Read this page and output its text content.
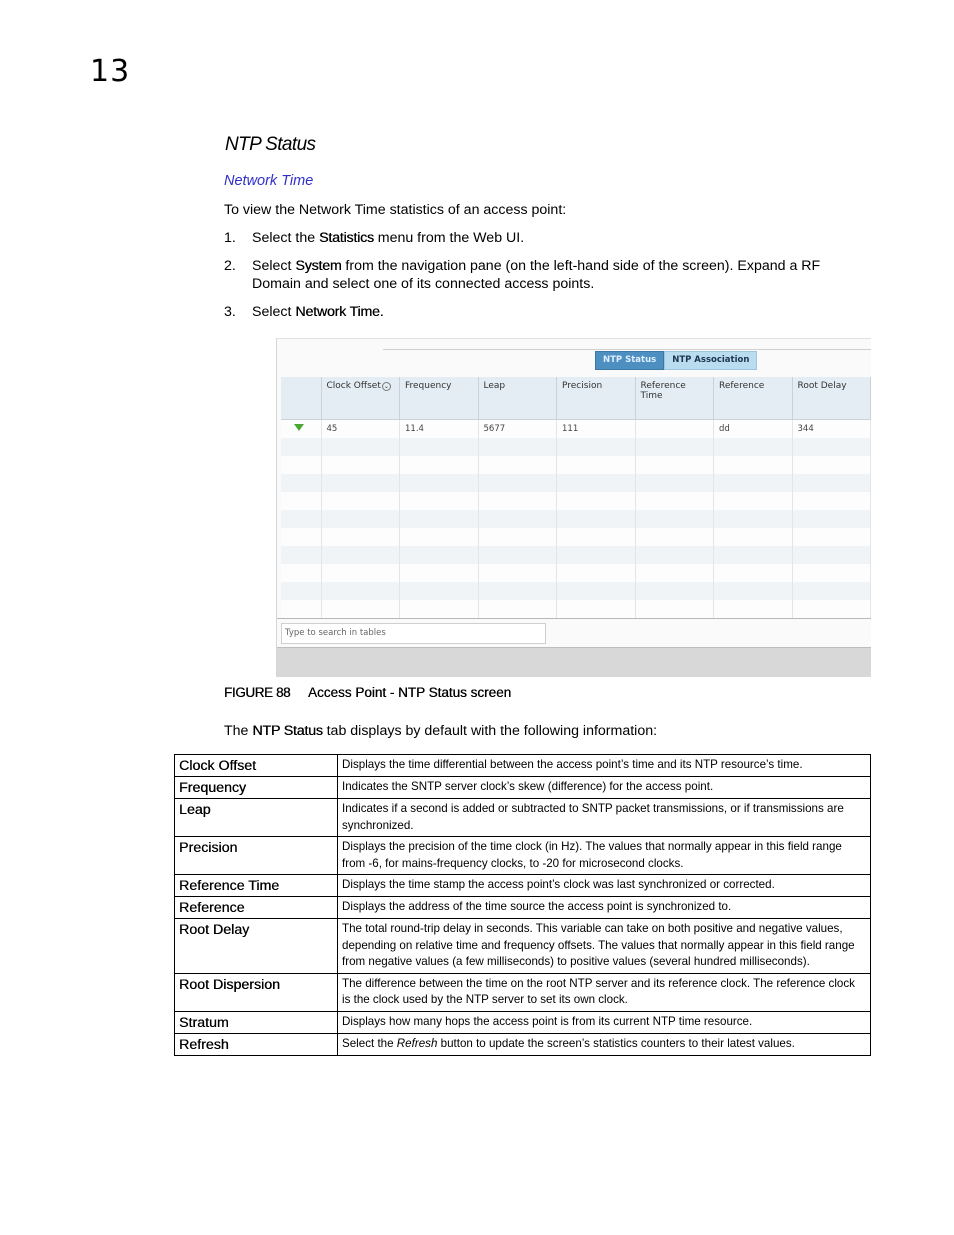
13
NTP Status
Network Time
To view the Network Time statistics of an access point:
1. Select the Statistics menu from the Web UI.
2. Select System from the navigation pane (on the left-hand side of the screen). Expand a RF Domain and select one of its connected access points.
3. Select Network Time.
NTP Status	NTP Association
	Clock Offset ⌄	Frequency	Leap	Precision	Reference Time	Reference	Root Delay
	45	11.4	5677	111		dd	344

Type to search in tables
FIGURE 88 Access Point - NTP Status screen
The NTP Status tab displays by default with the following information:
Clock Offset	Displays the time differential between the access point’s time and its NTP resource’s time.
Frequency	Indicates the SNTP server clock’s skew (difference) for the access point.
Leap	Indicates if a second is added or subtracted to SNTP packet transmissions, or if transmissions are synchronized.
Precision	Displays the precision of the time clock (in Hz). The values that normally appear in this field range from -6, for mains-frequency clocks, to -20 for microsecond clocks.
Reference Time	Displays the time stamp the access point’s clock was last synchronized or corrected.
Reference	Displays the address of the time source the access point is synchronized to.
Root Delay	The total round-trip delay in seconds. This variable can take on both positive and negative values, depending on relative time and frequency offsets. The values that normally appear in this field range from negative values (a few milliseconds) to positive values (several hundred milliseconds).
Root Dispersion	The difference between the time on the root NTP server and its reference clock. The reference clock is the clock used by the NTP server to set its own clock.
Stratum	Displays how many hops the access point is from its current NTP time resource.
Refresh	Select the Refresh button to update the screen’s statistics counters to their latest values.
